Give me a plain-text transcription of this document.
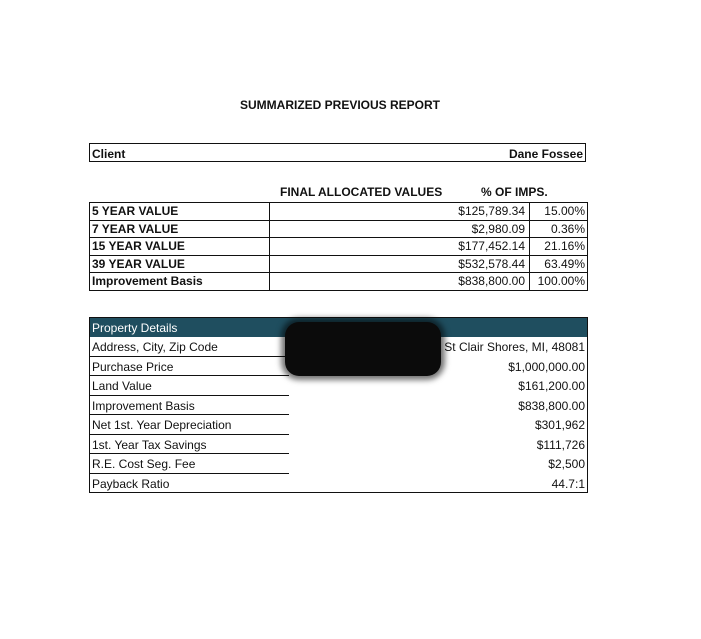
SUMMARIZED PREVIOUS REPORT
Client	Dane Fossee
FINAL ALLOCATED VALUES	% OF IMPS.
5 YEAR VALUE		$125,789.34	15.00%
7 YEAR VALUE		$2,980.09	0.36%
15 YEAR VALUE		$177,452.14	21.16%
39 YEAR VALUE		$532,578.44	63.49%
Improvement Basis		$838,800.00	100.00%
Property Details
Address, City, Zip Code	St Clair Shores, MI, 48081
Purchase Price	$1,000,000.00
Land Value	$161,200.00
Improvement Basis	$838,800.00
Net 1st. Year Depreciation	$301,962
1st. Year Tax Savings	$111,726
R.E. Cost Seg. Fee	$2,500
Payback Ratio	44.7:1
